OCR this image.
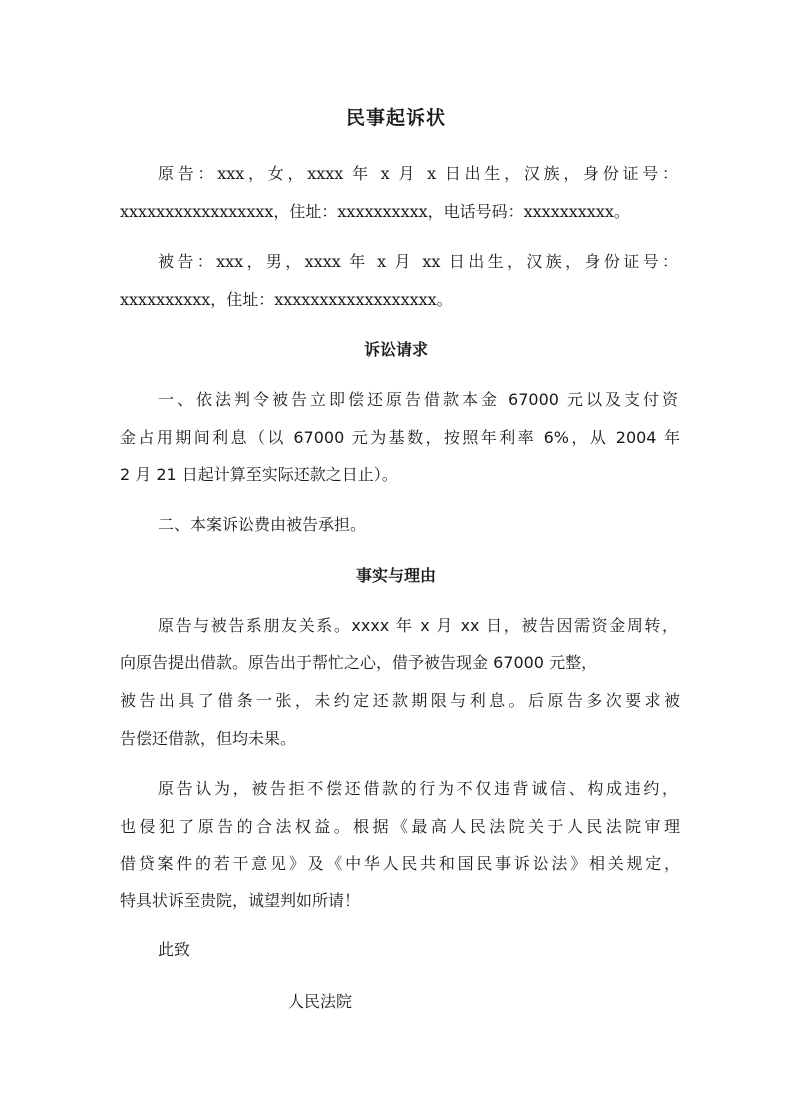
民事起诉状
原告：xxx，女，xxxx 年 x 月 x 日出生，汉族，身份证号：
xxxxxxxxxxxxxxxxx，住址：xxxxxxxxxx，电话号码：xxxxxxxxxx。
被告：xxx，男，xxxx 年 x 月 xx 日出生，汉族，身份证号：
xxxxxxxxxx，住址：xxxxxxxxxxxxxxxxxx。
诉讼请求
一、依法判令被告立即偿还原告借款本金 67000 元以及支付资
金占用期间利息（以 67000 元为基数，按照年利率 6%，从 2004 年
2 月 21 日起计算至实际还款之日止）。
二、本案诉讼费由被告承担。
事实与理由
原告与被告系朋友关系。xxxx 年 x 月 xx 日，被告因需资金周转，
向原告提出借款。原告出于帮忙之心，借予被告现金 67000 元整，
被告出具了借条一张，未约定还款期限与利息。后原告多次要求被
告偿还借款，但均未果。
原告认为，被告拒不偿还借款的行为不仅违背诚信、构成违约，
也侵犯了原告的合法权益。根据《最高人民法院关于人民法院审理
借贷案件的若干意见》及《中华人民共和国民事诉讼法》相关规定，
特具状诉至贵院，诚望判如所请！
此致
人民法院
